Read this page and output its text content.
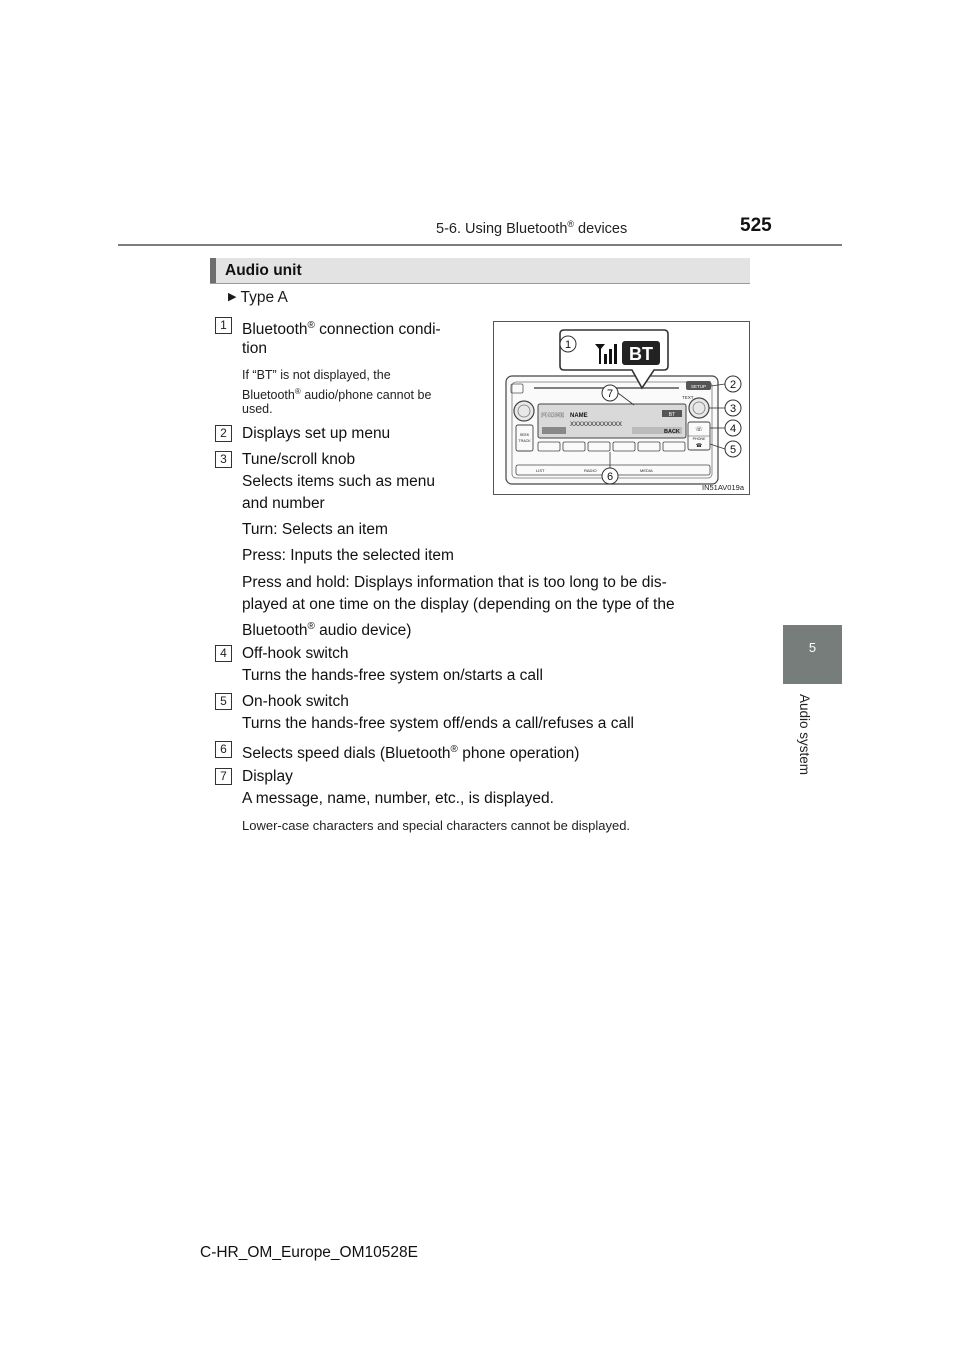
5-6. Using Bluetooth® devices	525
5
Audio system
Audio unit
▶ Type A
1 Bluetooth® connection condi-
tion
If “BT” is not displayed, the
Bluetooth® audio/phone cannot be
used.
2 Displays set up menu
3 Tune/scroll knob
Selects items such as menu
and number
Turn: Selects an item
Press: Inputs the selected item
Press and hold: Displays information that is too long to be dis-
played at one time on the display (depending on the type of the
Bluetooth® audio device)
4 Off-hook switch
Turns the hands-free system on/starts a call
5 On-hook switch
Turns the hands-free system off/ends a call/refuses a call
6 Selects speed dials (Bluetooth® phone operation)
7 Display
A message, name, number, etc., is displayed.
Lower-case characters and special characters cannot be displayed.
SETUP
TEXT
PHONE NAME
XXXXXXXXXXXXX
BT
BACK
SEEK
TRACK
☏
PHONE
☎
LIST	RADIO	MEDIA
BT
1
2
3
4
5
6
7
IN51AV019a
C-HR_OM_Europe_OM10528E
